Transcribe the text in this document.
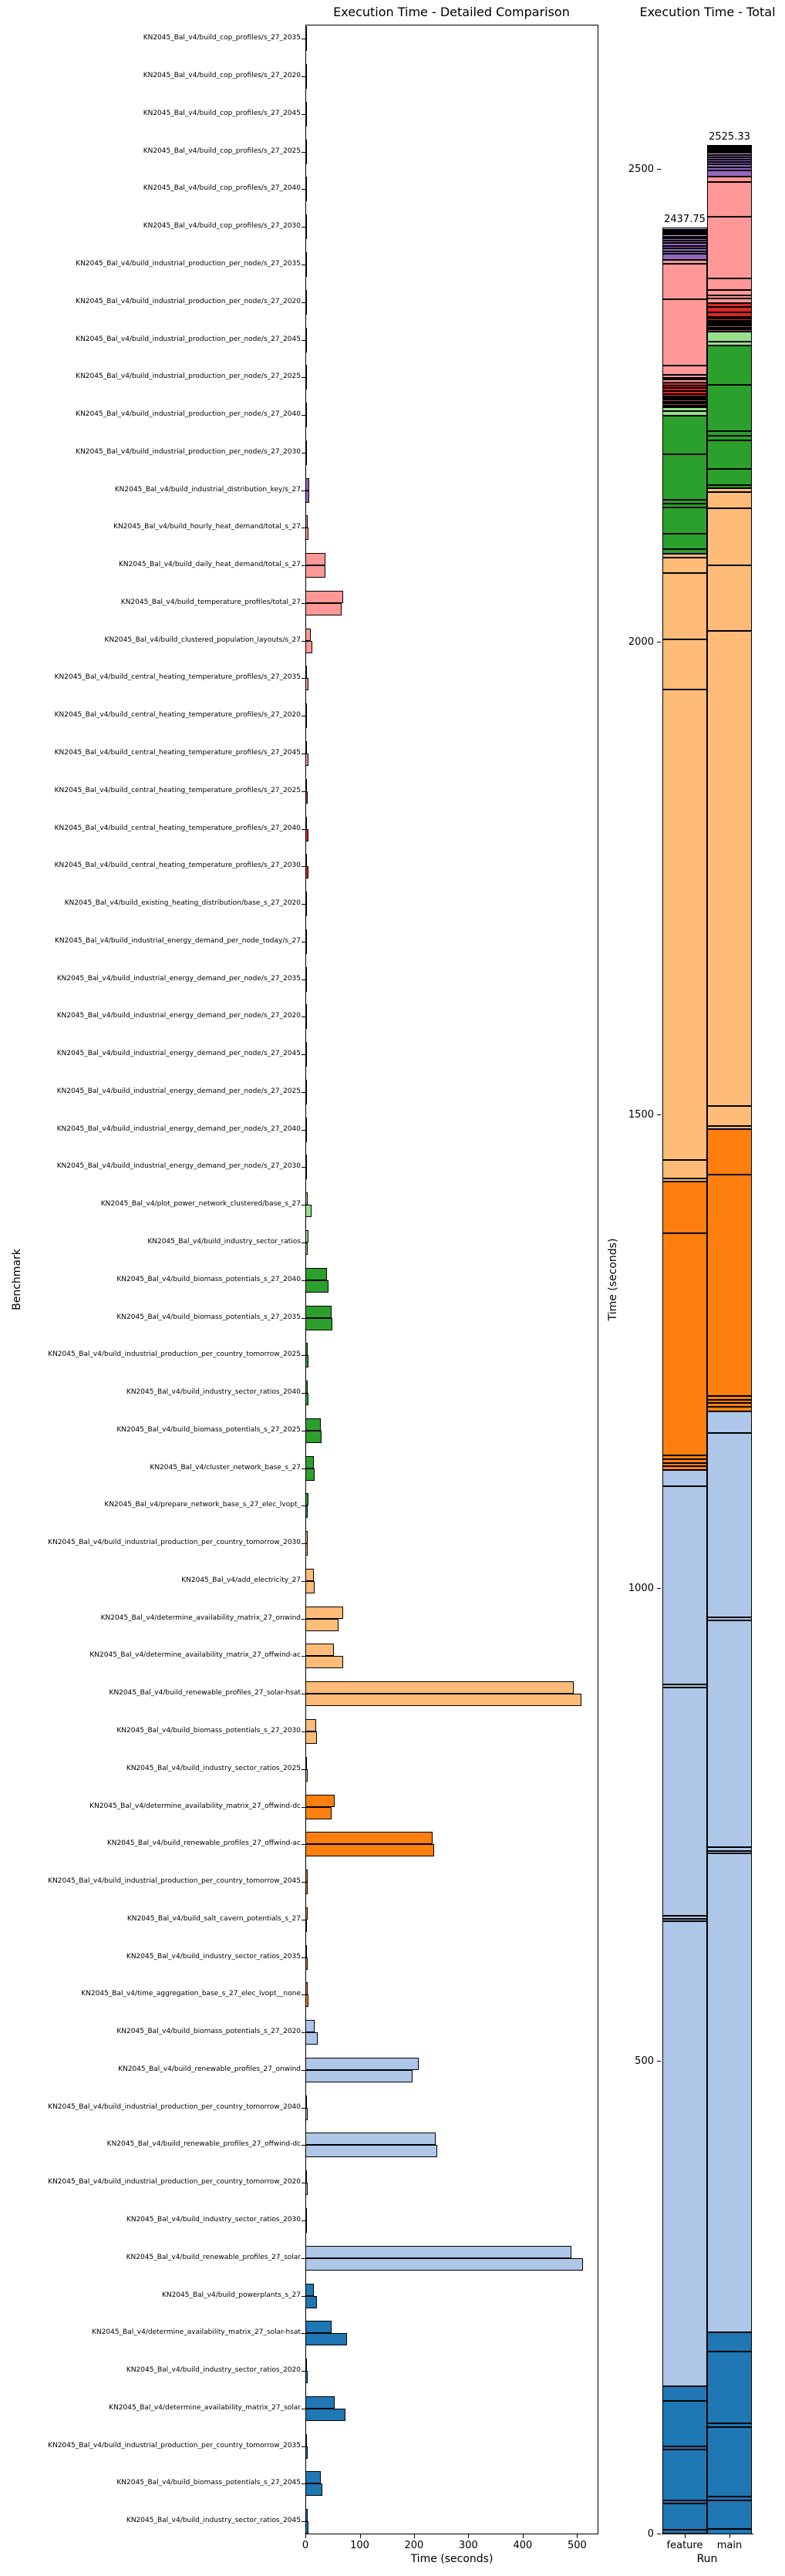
Execution Time - Detailed Comparison
Benchmark
Time (seconds)
KN2045_Bal_v4/build_cop_profiles/s_27_2035
KN2045_Bal_v4/build_cop_profiles/s_27_2020
KN2045_Bal_v4/build_cop_profiles/s_27_2045
KN2045_Bal_v4/build_cop_profiles/s_27_2025
KN2045_Bal_v4/build_cop_profiles/s_27_2040
KN2045_Bal_v4/build_cop_profiles/s_27_2030
KN2045_Bal_v4/build_industrial_production_per_node/s_27_2035
KN2045_Bal_v4/build_industrial_production_per_node/s_27_2020
KN2045_Bal_v4/build_industrial_production_per_node/s_27_2045
KN2045_Bal_v4/build_industrial_production_per_node/s_27_2025
KN2045_Bal_v4/build_industrial_production_per_node/s_27_2040
KN2045_Bal_v4/build_industrial_production_per_node/s_27_2030
KN2045_Bal_v4/build_industrial_distribution_key/s_27
KN2045_Bal_v4/build_hourly_heat_demand/total_s_27
KN2045_Bal_v4/build_daily_heat_demand/total_s_27
KN2045_Bal_v4/build_temperature_profiles/total_27
KN2045_Bal_v4/build_clustered_population_layouts/s_27
KN2045_Bal_v4/build_central_heating_temperature_profiles/s_27_2035
KN2045_Bal_v4/build_central_heating_temperature_profiles/s_27_2020
KN2045_Bal_v4/build_central_heating_temperature_profiles/s_27_2045
KN2045_Bal_v4/build_central_heating_temperature_profiles/s_27_2025
KN2045_Bal_v4/build_central_heating_temperature_profiles/s_27_2040
KN2045_Bal_v4/build_central_heating_temperature_profiles/s_27_2030
KN2045_Bal_v4/build_existing_heating_distribution/base_s_27_2020
KN2045_Bal_v4/build_industrial_energy_demand_per_node_today/s_27
KN2045_Bal_v4/build_industrial_energy_demand_per_node/s_27_2035
KN2045_Bal_v4/build_industrial_energy_demand_per_node/s_27_2020
KN2045_Bal_v4/build_industrial_energy_demand_per_node/s_27_2045
KN2045_Bal_v4/build_industrial_energy_demand_per_node/s_27_2025
KN2045_Bal_v4/build_industrial_energy_demand_per_node/s_27_2040
KN2045_Bal_v4/build_industrial_energy_demand_per_node/s_27_2030
KN2045_Bal_v4/plot_power_network_clustered/base_s_27
KN2045_Bal_v4/build_industry_sector_ratios
KN2045_Bal_v4/build_biomass_potentials_s_27_2040
KN2045_Bal_v4/build_biomass_potentials_s_27_2035
KN2045_Bal_v4/build_industrial_production_per_country_tomorrow_2025
KN2045_Bal_v4/build_industry_sector_ratios_2040
KN2045_Bal_v4/build_biomass_potentials_s_27_2025
KN2045_Bal_v4/cluster_network_base_s_27
KN2045_Bal_v4/prepare_network_base_s_27_elec_lvopt_
KN2045_Bal_v4/build_industrial_production_per_country_tomorrow_2030
KN2045_Bal_v4/add_electricity_27
KN2045_Bal_v4/determine_availability_matrix_27_onwind
KN2045_Bal_v4/determine_availability_matrix_27_offwind-ac
KN2045_Bal_v4/build_renewable_profiles_27_solar-hsat
KN2045_Bal_v4/build_biomass_potentials_s_27_2030
KN2045_Bal_v4/build_industry_sector_ratios_2025
KN2045_Bal_v4/determine_availability_matrix_27_offwind-dc
KN2045_Bal_v4/build_renewable_profiles_27_offwind-ac
KN2045_Bal_v4/build_industrial_production_per_country_tomorrow_2045
KN2045_Bal_v4/build_salt_cavern_potentials_s_27
KN2045_Bal_v4/build_industry_sector_ratios_2035
KN2045_Bal_v4/time_aggregation_base_s_27_elec_lvopt__none
KN2045_Bal_v4/build_biomass_potentials_s_27_2020
KN2045_Bal_v4/build_renewable_profiles_27_onwind
KN2045_Bal_v4/build_industrial_production_per_country_tomorrow_2040
KN2045_Bal_v4/build_renewable_profiles_27_offwind-dc
KN2045_Bal_v4/build_industrial_production_per_country_tomorrow_2020
KN2045_Bal_v4/build_industry_sector_ratios_2030
KN2045_Bal_v4/build_renewable_profiles_27_solar
KN2045_Bal_v4/build_powerplants_s_27
KN2045_Bal_v4/determine_availability_matrix_27_solar-hsat
KN2045_Bal_v4/build_industry_sector_ratios_2020
KN2045_Bal_v4/determine_availability_matrix_27_solar
KN2045_Bal_v4/build_industrial_production_per_country_tomorrow_2035
KN2045_Bal_v4/build_biomass_potentials_s_27_2045
KN2045_Bal_v4/build_industry_sector_ratios_2045
0	100	200	300	400	500
Execution Time - Total
Time (seconds)
Run
2437.75
2525.33
0
500
1000
1500
2000
2500
feature	main
